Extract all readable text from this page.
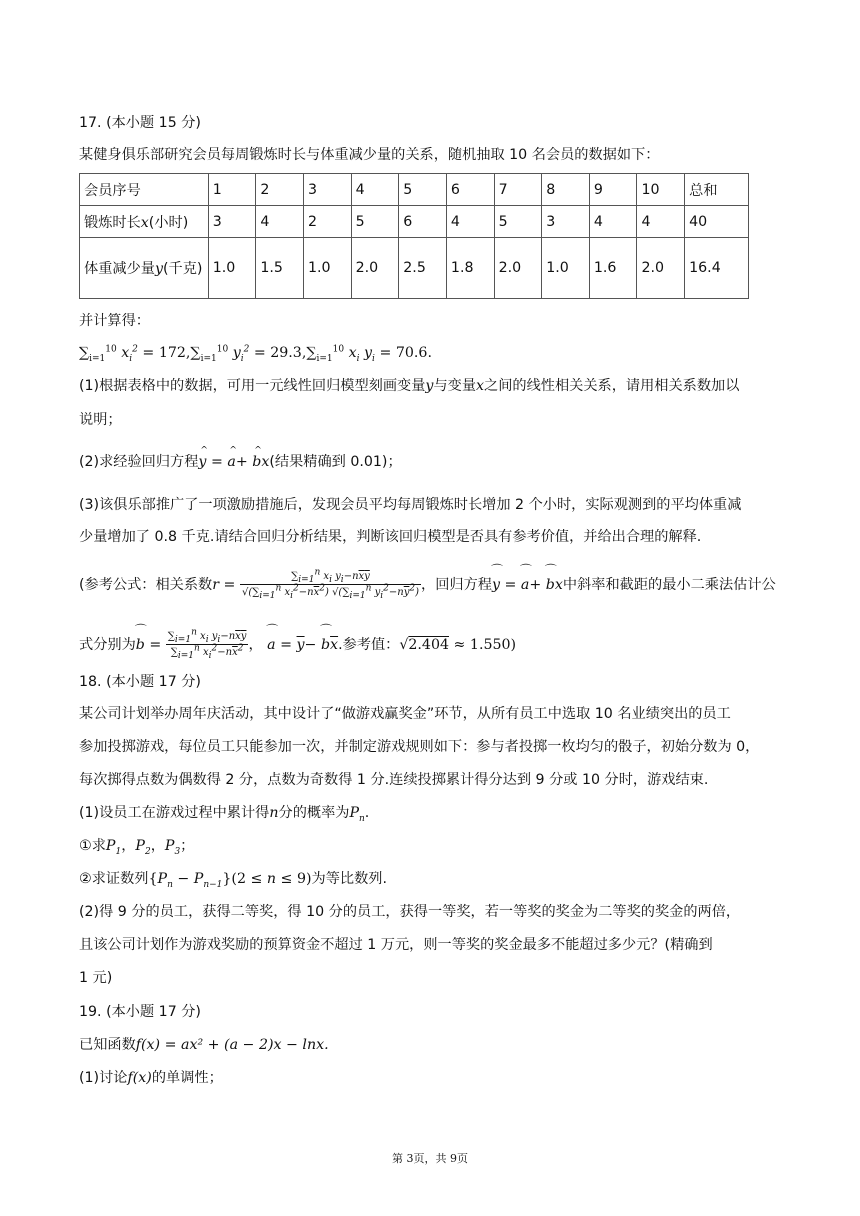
17. (本小题 15 分)
某健身俱乐部研究会员每周锻炼时长与体重减少量的关系，随机抽取 10 名会员的数据如下：
会员序号	1	2	3	4	5	6	7	8	9	10	总和
锻炼时长x(小时)	3	4	2	5	6	4	5	3	4	4	40
体重减少量y(千克)	1.0	1.5	1.0	2.0	2.5	1.8	2.0	1.0	1.6	2.0	16.4
并计算得：
$\sum_{i=1}^{10}$ $x_i^2 = 172,\sum_{i=1}^{10}$ $y_i^2 = 29.3,\sum_{i=1}^{10}$ $x_i$ $y_i = 70.6$.
(1)根据表格中的数据，可用一元线性回归模型刻画变量y与变量x之间的线性相关关系，请用相关系数加以
说明；
(2)求经验回归方程^ y = ^ a+ ^ bx(结果精确到 0.01)；
(3)该俱乐部推广了一项激励措施后，发现会员平均每周锻炼时长增加 2 个小时，实际观测到的平均体重减
少量增加了 0.8 千克.请结合回归分析结果，判断该回归模型是否具有参考价值，并给出合理的解释.
(参考公式：相关系数$r = \frac{\sum_{i=1}^n x_i y_i-n\overline{x}\overline{y}}{√(\sum_{i=1}^n x_i^2-n\overline{x}^2) √(\sum_{i=1}^n y_i^2-n\overline{y}^2)}$ ，回归方程⌒ y = ⌒ a+ ⌒ bx中斜率和截距的最小二乘法估计公
式分别为⌒ $b = \frac{\sum_{i=1}^n x_i y_i-n\overline{x}\overline{y}}{\sum_{i=1}^n x_i^2-n\overline{x}^2}$ ， ⌒ $a = \overline{y}-$ ⌒ $b\overline{x}$.参考值：√2.404 ≈ 1.550)
18. (本小题 17 分)
某公司计划举办周年庆活动，其中设计了“做游戏赢奖金”环节，从所有员工中选取 10 名业绩突出的员工
参加投掷游戏，每位员工只能参加一次，并制定游戏规则如下：参与者投掷一枚均匀的骰子，初始分数为 0，
每次掷得点数为偶数得 2 分，点数为奇数得 1 分.连续投掷累计得分达到 9 分或 10 分时，游戏结束.
(1)设员工在游戏过程中累计得n分的概率为$P_n$.
①求$P_1$，$P_2$，$P_3$；
②求证数列$\{P_n - P_{n-1}\}(2 \le n \le 9)$为等比数列.
(2)得 9 分的员工，获得二等奖，得 10 分的员工，获得一等奖，若一等奖的奖金为二等奖的奖金的两倍，
且该公司计划作为游戏奖励的预算资金不超过 1 万元，则一等奖的奖金最多不能超过多少元？(精确到
1 元)
19. (本小题 17 分)
已知函数f(x) = ax² + (a − 2)x − lnx.
(1)讨论f(x)的单调性；
第 3页，共 9页
